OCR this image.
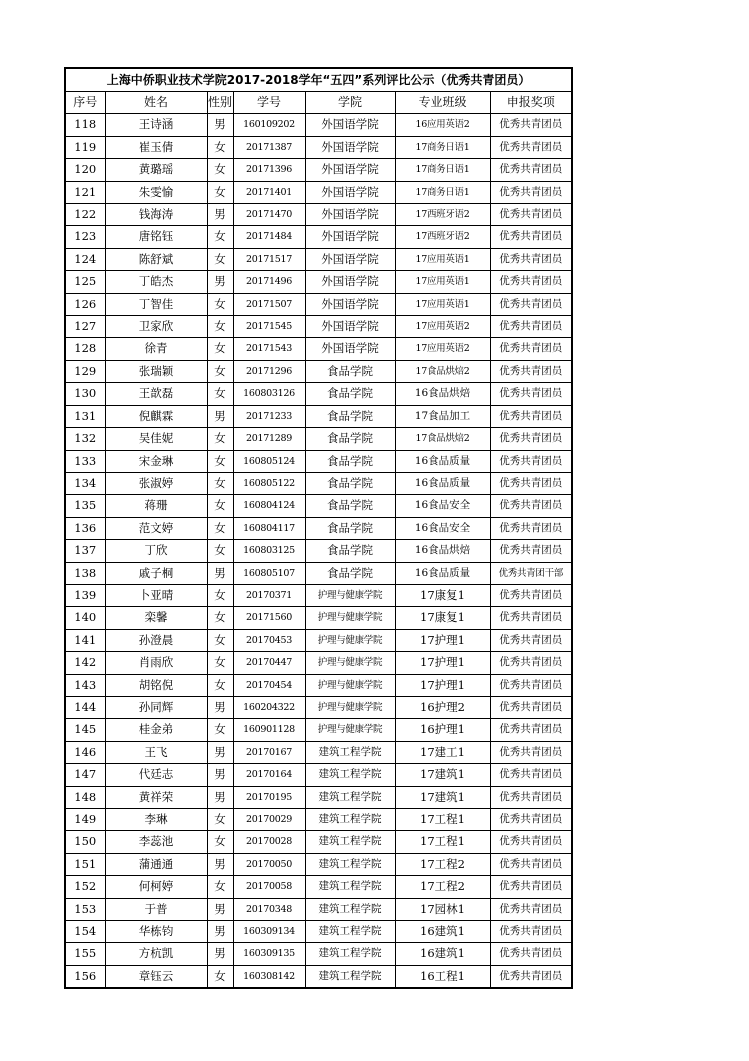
上海中侨职业技术学院2017-2018学年“五四”系列评比公示（优秀共青团员）						
序号	姓名	性别	学号	学院	专业班级	申报奖项
118	王诗涵	男	160109202	外国语学院	16应用英语2	优秀共青团员
119	崔玉倩	女	20171387	外国语学院	17商务日语1	优秀共青团员
120	黄璐瑶	女	20171396	外国语学院	17商务日语1	优秀共青团员
121	朱雯愉	女	20171401	外国语学院	17商务日语1	优秀共青团员
122	钱海涛	男	20171470	外国语学院	17西班牙语2	优秀共青团员
123	唐铭钰	女	20171484	外国语学院	17西班牙语2	优秀共青团员
124	陈舒斌	女	20171517	外国语学院	17应用英语1	优秀共青团员
125	丁皓杰	男	20171496	外国语学院	17应用英语1	优秀共青团员
126	丁智佳	女	20171507	外国语学院	17应用英语1	优秀共青团员
127	卫家欣	女	20171545	外国语学院	17应用英语2	优秀共青团员
128	徐青	女	20171543	外国语学院	17应用英语2	优秀共青团员
129	张瑞颖	女	20171296	食品学院	17食品烘焙2	优秀共青团员
130	王歆磊	女	160803126	食品学院	16食品烘焙	优秀共青团员
131	倪麒霖	男	20171233	食品学院	17食品加工	优秀共青团员
132	吴佳妮	女	20171289	食品学院	17食品烘焙2	优秀共青团员
133	宋金琳	女	160805124	食品学院	16食品质量	优秀共青团员
134	张淑婷	女	160805122	食品学院	16食品质量	优秀共青团员
135	蒋珊	女	160804124	食品学院	16食品安全	优秀共青团员
136	范文婷	女	160804117	食品学院	16食品安全	优秀共青团员
137	丁欣	女	160803125	食品学院	16食品烘焙	优秀共青团员
138	戚子桐	男	160805107	食品学院	16食品质量	优秀共青团干部
139	卜亚晴	女	20170371	护理与健康学院	17康复1	优秀共青团员
140	栾馨	女	20171560	护理与健康学院	17康复1	优秀共青团员
141	孙澄晨	女	20170453	护理与健康学院	17护理1	优秀共青团员
142	肖雨欣	女	20170447	护理与健康学院	17护理1	优秀共青团员
143	胡铭倪	女	20170454	护理与健康学院	17护理1	优秀共青团员
144	孙同辉	男	160204322	护理与健康学院	16护理2	优秀共青团员
145	桂金弟	女	160901128	护理与健康学院	16护理1	优秀共青团员
146	王飞	男	20170167	建筑工程学院	17建工1	优秀共青团员
147	代廷志	男	20170164	建筑工程学院	17建筑1	优秀共青团员
148	黄祥荣	男	20170195	建筑工程学院	17建筑1	优秀共青团员
149	李琳	女	20170029	建筑工程学院	17工程1	优秀共青团员
150	李蕊池	女	20170028	建筑工程学院	17工程1	优秀共青团员
151	蒲通通	男	20170050	建筑工程学院	17工程2	优秀共青团员
152	何柯婷	女	20170058	建筑工程学院	17工程2	优秀共青团员
153	于普	男	20170348	建筑工程学院	17园林1	优秀共青团员
154	华栋钧	男	160309134	建筑工程学院	16建筑1	优秀共青团员
155	方杭凯	男	160309135	建筑工程学院	16建筑1	优秀共青团员
156	章钰云	女	160308142	建筑工程学院	16工程1	优秀共青团员
